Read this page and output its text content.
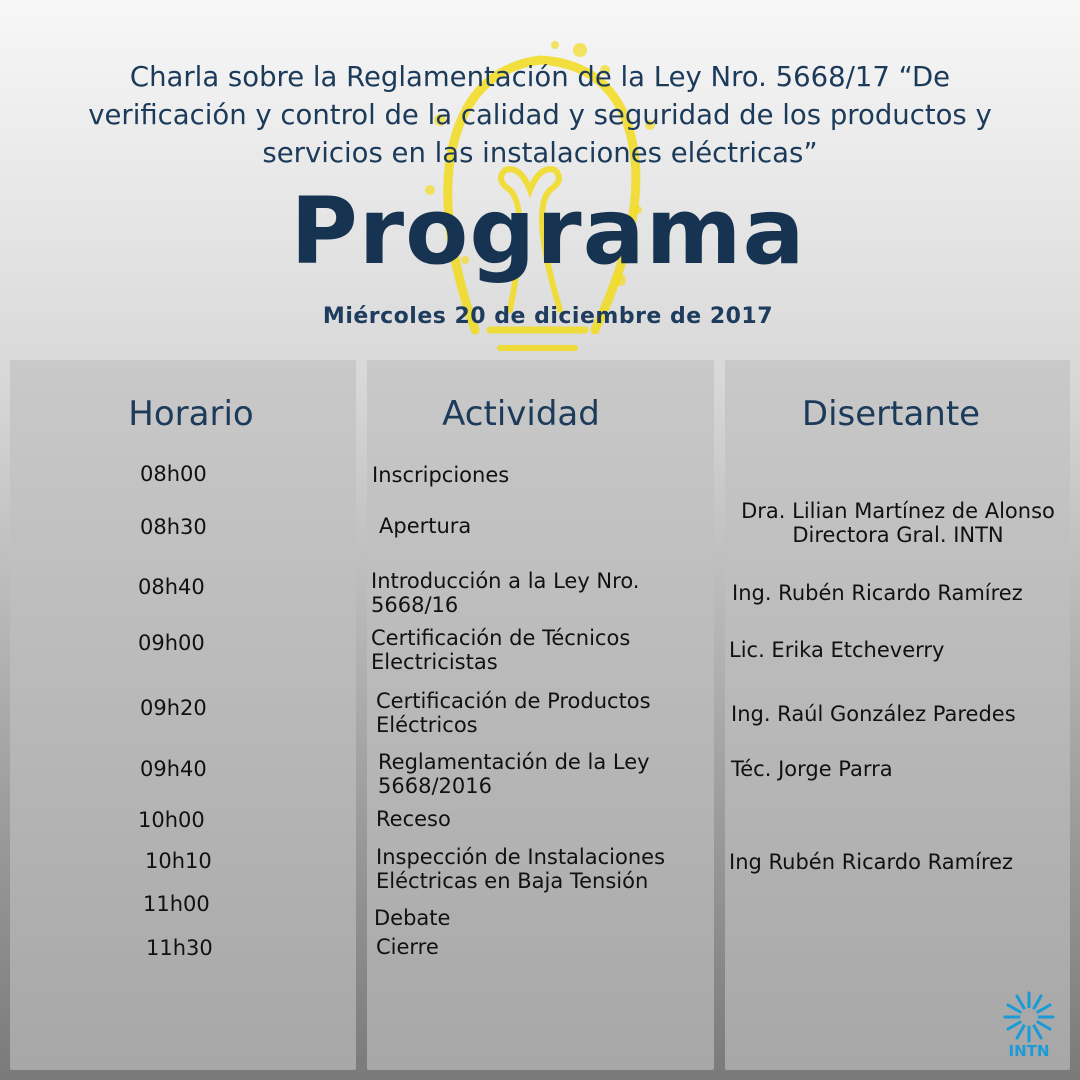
Charla sobre la Reglamentación de la Ley Nro. 5668/17 “De
verificación y control de la calidad y seguridad de los productos y
servicios en las instalaciones eléctricas”
Programa
Miércoles 20 de diciembre de 2017
Horario	Actividad	Disertante
08h00
08h30
08h40
09h00
09h20
09h40
10h00
10h10
11h00
11h30
Inscripciones
Apertura
Introducción a la Ley Nro.
5668/16
Certificación de Técnicos
Electricistas
Certificación de Productos
Eléctricos
Reglamentación de la Ley
5668/2016
Receso
Inspección de Instalaciones
Eléctricas en Baja Tensión
Debate
Cierre
Dra. Lilian Martínez de Alonso
Directora Gral. INTN
Ing. Rubén Ricardo Ramírez
Lic. Erika Etcheverry
Ing. Raúl González Paredes
Téc. Jorge Parra
Ing Rubén Ricardo Ramírez
INTN
